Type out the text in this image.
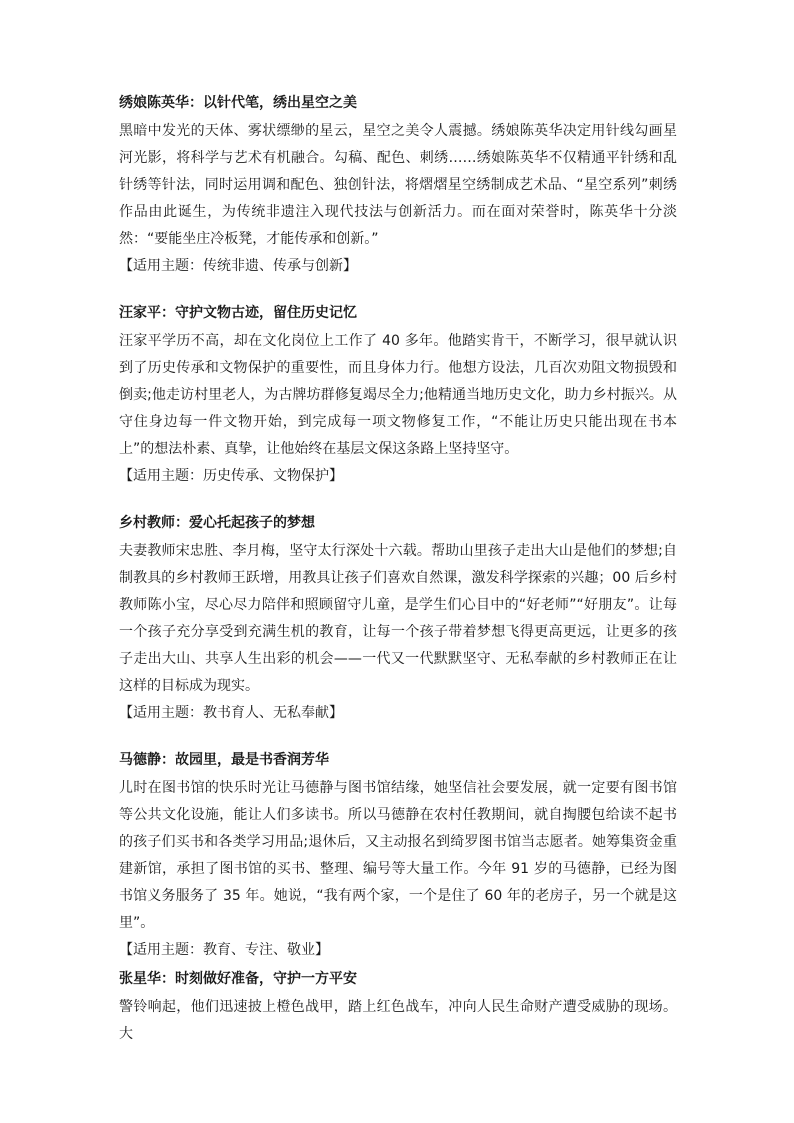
绣娘陈英华：以针代笔，绣出星空之美

黑暗中发光的天体、雾状缥缈的星云，星空之美令人震撼。绣娘陈英华决定用针线勾画星河光影，将科学与艺术有机融合。勾稿、配色、刺绣……绣娘陈英华不仅精通平针绣和乱针绣等针法，同时运用调和配色、独创针法，将熠熠星空绣制成艺术品、“星空系列”刺绣作品由此诞生，为传统非遗注入现代技法与创新活力。而在面对荣誉时，陈英华十分淡然：“要能坐庄冷板凳，才能传承和创新。”

【适用主题：传统非遗、传承与创新】
汪家平：守护文物古迹，留住历史记忆

汪家平学历不高，却在文化岗位上工作了 40 多年。他踏实肯干，不断学习，很早就认识到了历史传承和文物保护的重要性，而且身体力行。他想方设法，几百次劝阻文物损毁和倒卖;他走访村里老人，为古牌坊群修复竭尽全力;他精通当地历史文化，助力乡村振兴。从守住身边每一件文物开始，到完成每一项文物修复工作，“不能让历史只能出现在书本上”的想法朴素、真挚，让他始终在基层文保这条路上坚持坚守。

【适用主题：历史传承、文物保护】
乡村教师：爱心托起孩子的梦想

夫妻教师宋忠胜、李月梅，坚守太行深处十六载。帮助山里孩子走出大山是他们的梦想;自制教具的乡村教师王跃增，用教具让孩子们喜欢自然课，激发科学探索的兴趣；00 后乡村教师陈小宝，尽心尽力陪伴和照顾留守儿童，是学生们心目中的“好老师”“好朋友”。让每一个孩子充分享受到充满生机的教育，让每一个孩子带着梦想飞得更高更远，让更多的孩子走出大山、共享人生出彩的机会——一代又一代默默坚守、无私奉献的乡村教师正在让这样的目标成为现实。

【适用主题：教书育人、无私奉献】
马德静：故园里，最是书香润芳华

儿时在图书馆的快乐时光让马德静与图书馆结缘，她坚信社会要发展，就一定要有图书馆等公共文化设施，能让人们多读书。所以马德静在农村任教期间，就自掏腰包给读不起书的孩子们买书和各类学习用品;退休后，又主动报名到绮罗图书馆当志愿者。她筹集资金重建新馆，承担了图书馆的买书、整理、编号等大量工作。今年 91 岁的马德静，已经为图书馆义务服务了 35 年。她说，“我有两个家，一个是住了 60 年的老房子，另一个就是这里”。

【适用主题：教育、专注、敬业】
张星华：时刻做好准备，守护一方平安

警铃响起，他们迅速披上橙色战甲，踏上红色战车，冲向人民生命财产遭受威胁的现场。大
